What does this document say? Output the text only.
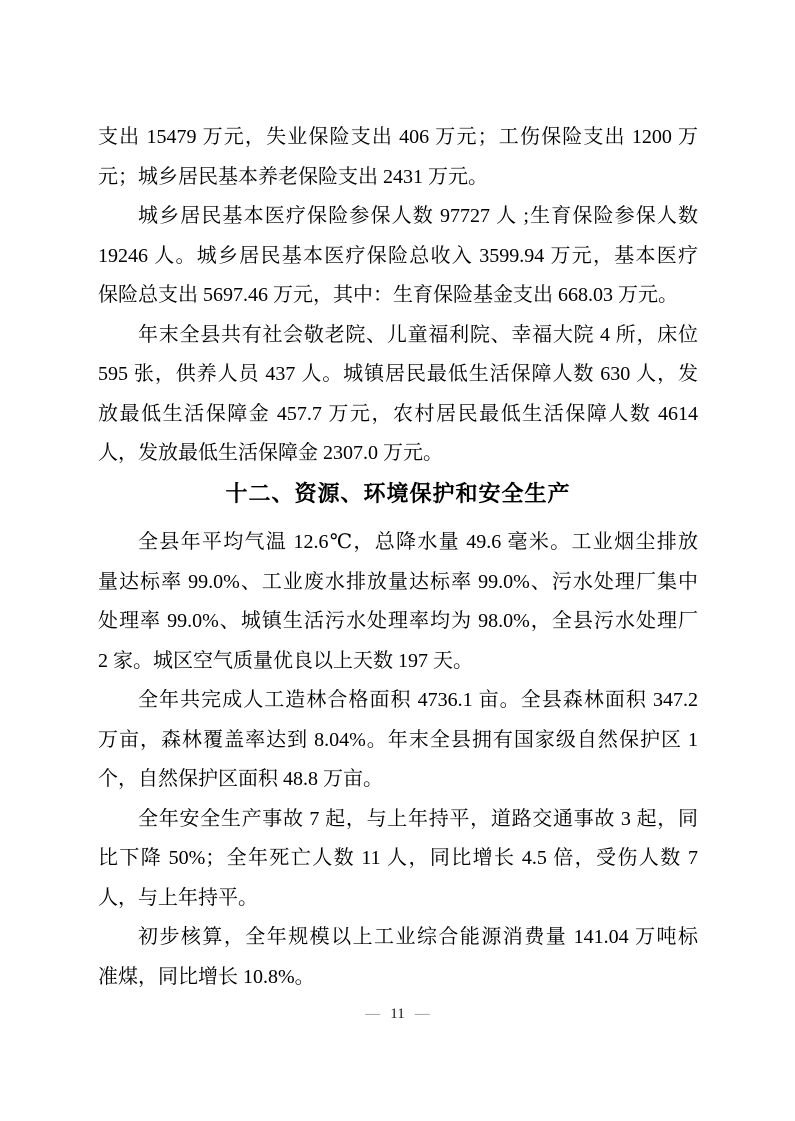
支出 15479 万元，失业保险支出 406 万元；工伤保险支出 1200 万
元；城乡居民基本养老保险支出 2431 万元。
城乡居民基本医疗保险参保人数 97727 人 ;生育保险参保人数
19246 人。城乡居民基本医疗保险总收入 3599.94 万元，基本医疗
保险总支出 5697.46 万元，其中：生育保险基金支出 668.03 万元。
年末全县共有社会敬老院、儿童福利院、幸福大院 4 所，床位
595 张，供养人员 437 人。城镇居民最低生活保障人数 630 人，发
放最低生活保障金 457.7 万元，农村居民最低生活保障人数 4614
人，发放最低生活保障金 2307.0 万元。
十二、资源、环境保护和安全生产
全县年平均气温 12.6℃，总降水量 49.6 毫米。工业烟尘排放
量达标率 99.0%、工业废水排放量达标率 99.0%、污水处理厂集中
处理率 99.0%、城镇生活污水处理率均为 98.0%，全县污水处理厂
2 家。城区空气质量优良以上天数 197 天。
全年共完成人工造林合格面积 4736.1 亩。全县森林面积 347.2
万亩，森林覆盖率达到 8.04%。年末全县拥有国家级自然保护区 1
个，自然保护区面积 48.8 万亩。
全年安全生产事故 7 起，与上年持平，道路交通事故 3 起，同
比下降 50%；全年死亡人数 11 人，同比增长 4.5 倍，受伤人数 7
人，与上年持平。
初步核算，全年规模以上工业综合能源消费量 141.04 万吨标
准煤，同比增长 10.8%。
— 11 —
